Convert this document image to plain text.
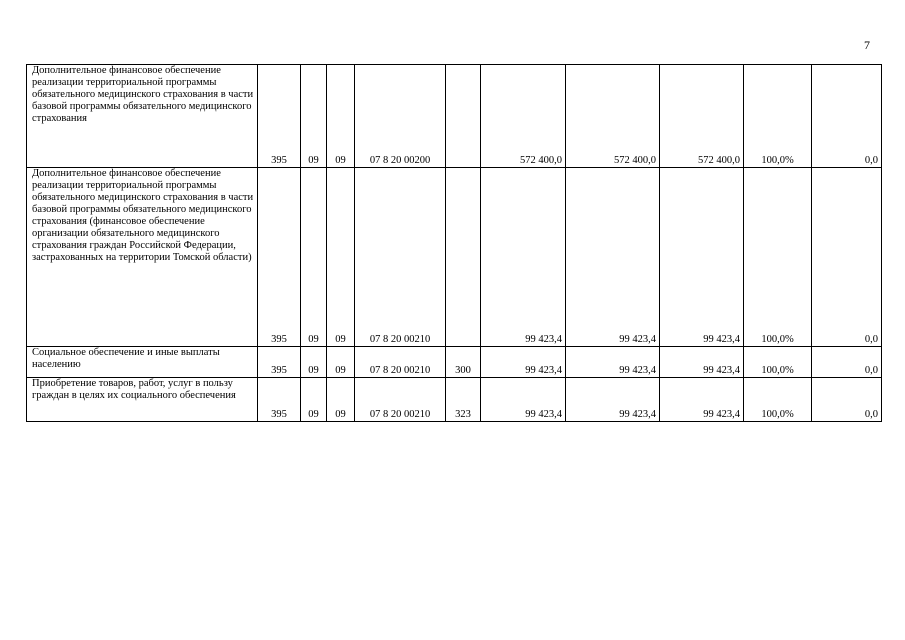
7
Дополнительное финансовое обеспечение реализации территориальной программы обязательного медицинского страхования в части базовой программы обязательного медицинского страхования	395	09	09	07 8 20 00200		572 400,0	572 400,0	572 400,0	100,0%	0,0

Дополнительное финансовое обеспечение реализации территориальной программы обязательного медицинского страхования в части базовой программы обязательного медицинского страхования (финансовое обеспечение организации обязательного медицинского страхования граждан Российской Федерации, застрахованных на территории Томской области)	395	09	09	07 8 20 00210		99 423,4	99 423,4	99 423,4	100,0%	0,0

Социальное обеспечение и иные выплаты населению	395	09	09	07 8 20 00210	300	99 423,4	99 423,4	99 423,4	100,0%	0,0

Приобретение товаров, работ, услуг в пользу граждан в целях их социального обеспечения	395	09	09	07 8 20 00210	323	99 423,4	99 423,4	99 423,4	100,0%	0,0
